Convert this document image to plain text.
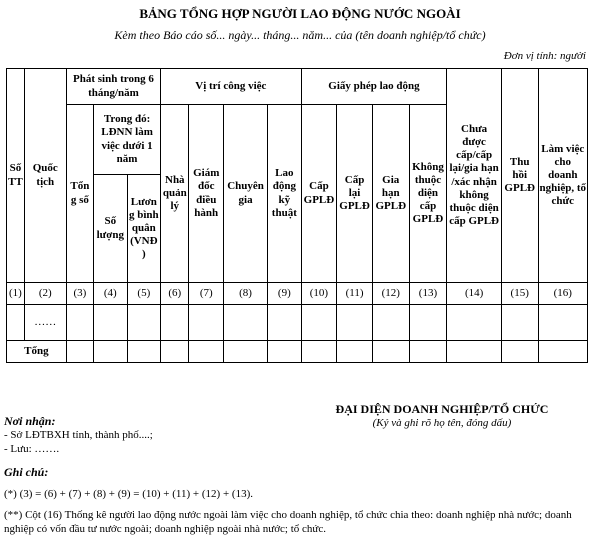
BẢNG TỔNG HỢP NGƯỜI LAO ĐỘNG NƯỚC NGOÀI
Kèm theo Báo cáo số... ngày... tháng... năm... của (tên doanh nghiệp/tổ chức)
Đơn vị tính: người
Số TT	Quốc tịch	Phát sinh trong 6 tháng/năm			Vị trí công việc				Giấy phép lao động				Chưa được cấp/cấp lại/gia hạn /xác nhận không thuộc diện cấp GPLĐ	Thu hồi GPLĐ	Làm việc cho doanh nghiệp, tổ chức
		Tổng số	Trong đó: LĐNN làm việc dưới 1 năm		Nhà quản lý	Giám đốc điều hành	Chuyên gia	Lao động kỹ thuật	Cấp GPLĐ	Cấp lại GPLĐ	Gia hạn GPLĐ	Không thuộc diện cấp GPLĐ			
			Số lượng	Lương bình quân (VNĐ)											
(1)	(2)	(3)	(4)	(5)	(6)	(7)	(8)	(9)	(10)	(11)	(12)	(13)	(14)	(15)	(16)
	……														
Tổng															
ĐẠI DIỆN DOANH NGHIỆP/TỔ CHỨC
(Ký và ghi rõ họ tên, đóng dấu)
Nơi nhận:
- Sở LĐTBXH tỉnh, thành phố....;
- Lưu: …….
Ghi chú:
(*) (3) = (6) + (7) + (8) + (9) = (10) + (11) + (12) + (13).
(**) Cột (16) Thống kê người lao động nước ngoài làm việc cho doanh nghiệp, tổ chức chia theo: doanh nghiệp nhà nước; doanh nghiệp có vốn đầu tư nước ngoài; doanh nghiệp ngoài nhà nước; tổ chức.
